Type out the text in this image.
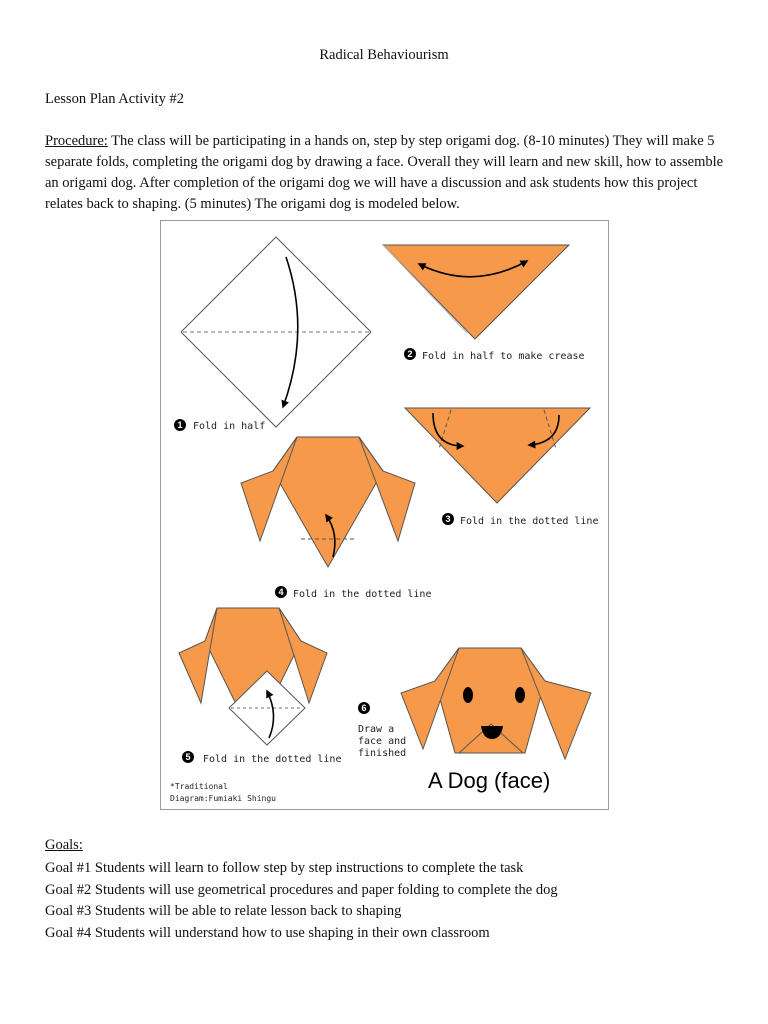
Radical Behaviourism

Lesson Plan Activity #2

Procedure: The class will be participating in a hands on, step by step origami dog. (8-10 minutes) They will make 5 separate folds, completing the origami dog by drawing a face. Overall they will learn and new skill, how to assemble an origami dog. After completion of the origami dog we will have a discussion and ask students how this project relates back to shaping. (5 minutes) The origami dog is modeled below.

1 Fold in half
2 Fold in half to make crease
3 Fold in the dotted line
4 Fold in the dotted line
5 Fold in the dotted line
6
Draw a
face and
finished
A Dog (face)
*Traditional
Diagram:Fumiaki Shingu
Goals:
Goal #1 Students will learn to follow step by step instructions to complete the task
Goal #2 Students will use geometrical procedures and paper folding to complete the dog
Goal #3 Students will be able to relate lesson back to shaping
Goal #4 Students will understand how to use shaping in their own classroom
